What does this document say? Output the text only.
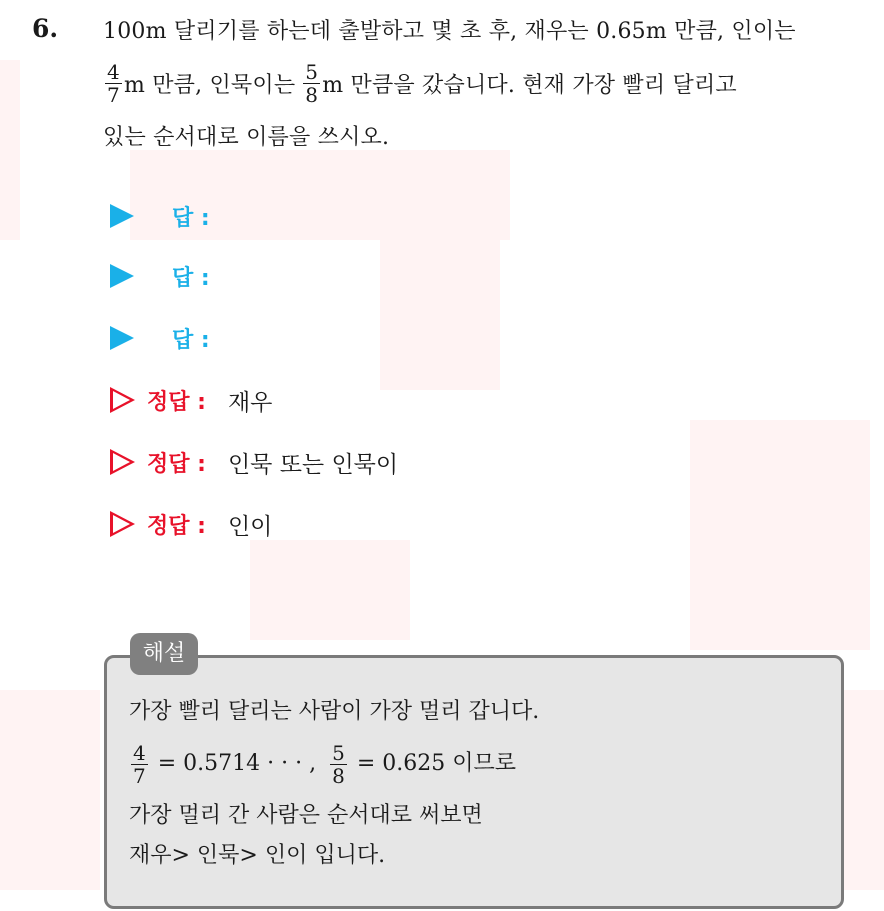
6. 100m 달리기를 하는데 출발하고 몇 초 후, 재우는 0.65m 만큼, 인이는
$\frac{4}{7}$ m 만큼, 인묵이는 $\frac{5}{8}$ m 만큼을 갔습니다. 현재 가장 빨리 달리고
있는 순서대로 이름을 쓰시오.
답 :
답 :
답 :
정답 : 재우
정답 : 인묵 또는 인묵이
정답 : 인이
해설
가장 빨리 달리는 사람이 가장 멀리 갑니다.
$\frac{4}{7} = 0.5714$ · · · , $\frac{5}{8} = 0.625$ 이므로
가장 멀리 간 사람은 순서대로 써보면
재우> 인묵> 인이 입니다.
